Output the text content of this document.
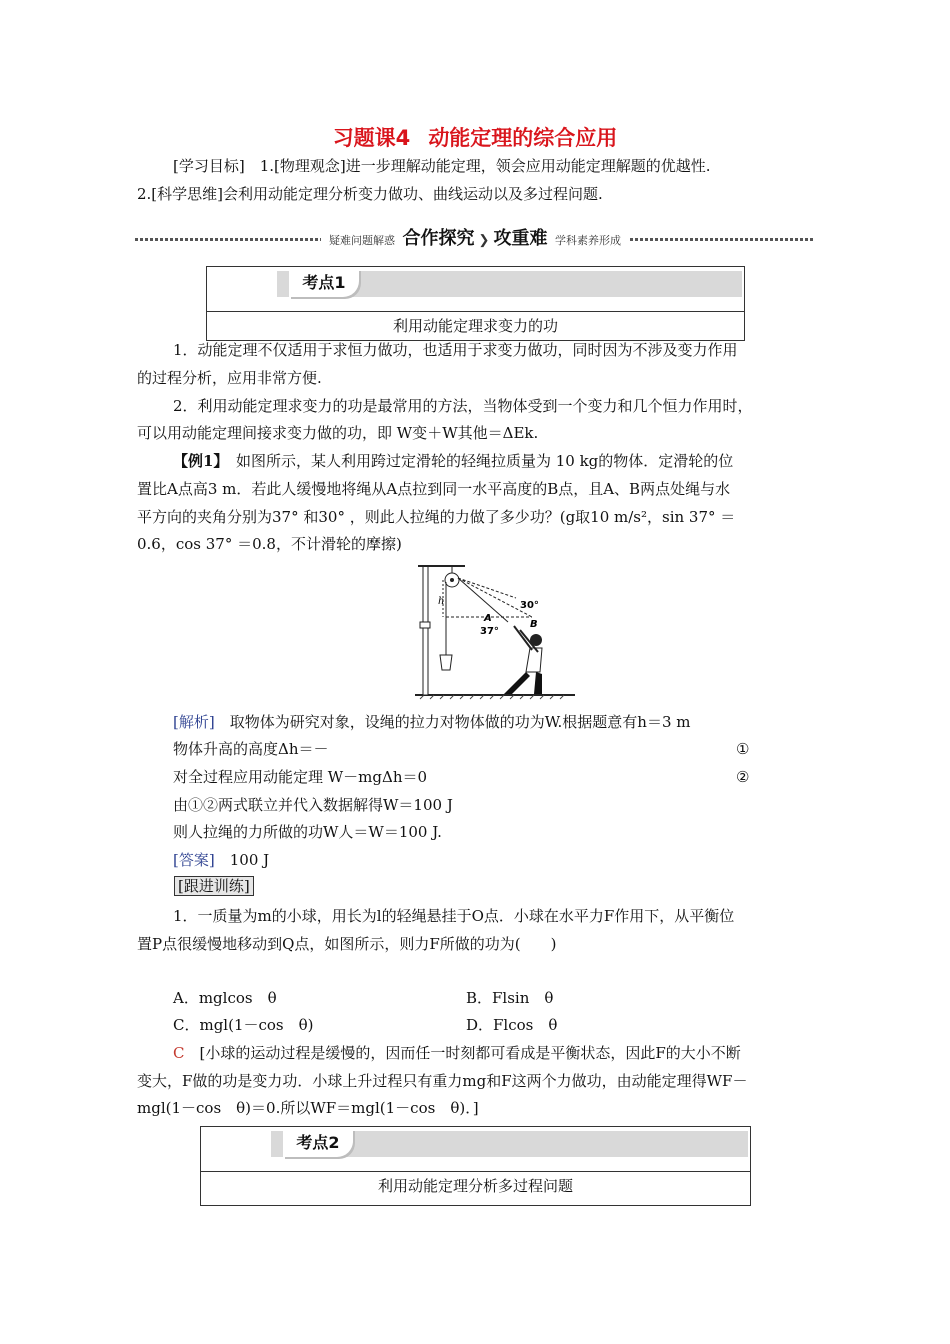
习题课4 动能定理的综合应用
[学习目标]　 1.[物理观念]进一步理解动能定理，领会应用动能定理解题的优越性.
2.[科学思维]会利用动能定理分析变力做功、曲线运动以及多过程问题.
疑难问题解惑 合作探究 ❯ 攻重难 学科素养形成
考点1
利用动能定理求变力的功
1．动能定理不仅适用于求恒力做功，也适用于求变力做功，同时因为不涉及变力作用
的过程分析，应用非常方便.
2．利用动能定理求变力的功是最常用的方法，当物体受到一个变力和几个恒力作用时，
可以用动能定理间接求变力做的功，即 W变＋W其他＝ΔEk.
【例1】　 如图所示，某人利用跨过定滑轮的轻绳拉质量为 10 kg的物体．定滑轮的位
置比A点高3 m．若此人缓慢地将绳从A点拉到同一水平高度的B点，且A、B两点处绳与水
平方向的夹角分别为37° 和30° ，则此人拉绳的力做了多少功？(g取10 m/s²，sin 37° ＝
0.6，cos 37° ＝0.8，不计滑轮的摩擦)
h
A
B
30°
37°
[解析]　 取物体为研究对象，设绳的拉力对物体做的功为W.根据题意有h＝3 m
物体升高的高度Δh＝－	①
对全过程应用动能定理 W－mgΔh＝0	②
由①②两式联立并代入数据解得W＝100 J
则人拉绳的力所做的功W人＝W＝100 J.
[答案]　 100 J
[跟进训练]
1．一质量为m的小球，用长为l的轻绳悬挂于O点．小球在水平力F作用下，从平衡位
置P点很缓慢地移动到Q点，如图所示，则力F所做的功为(　　)
A．mglcos　θ	B．Flsin　θ
C．mgl(1－cos　θ)	D．Flcos　θ
C　 [小球的运动过程是缓慢的，因而任一时刻都可看成是平衡状态，因此F的大小不断
变大，F做的功是变力功．小球上升过程只有重力mg和F这两个力做功，由动能定理得WF－
mgl(1－cos　θ)＝0.所以WF＝mgl(1－cos　θ)．]
考点2
利用动能定理分析多过程问题
